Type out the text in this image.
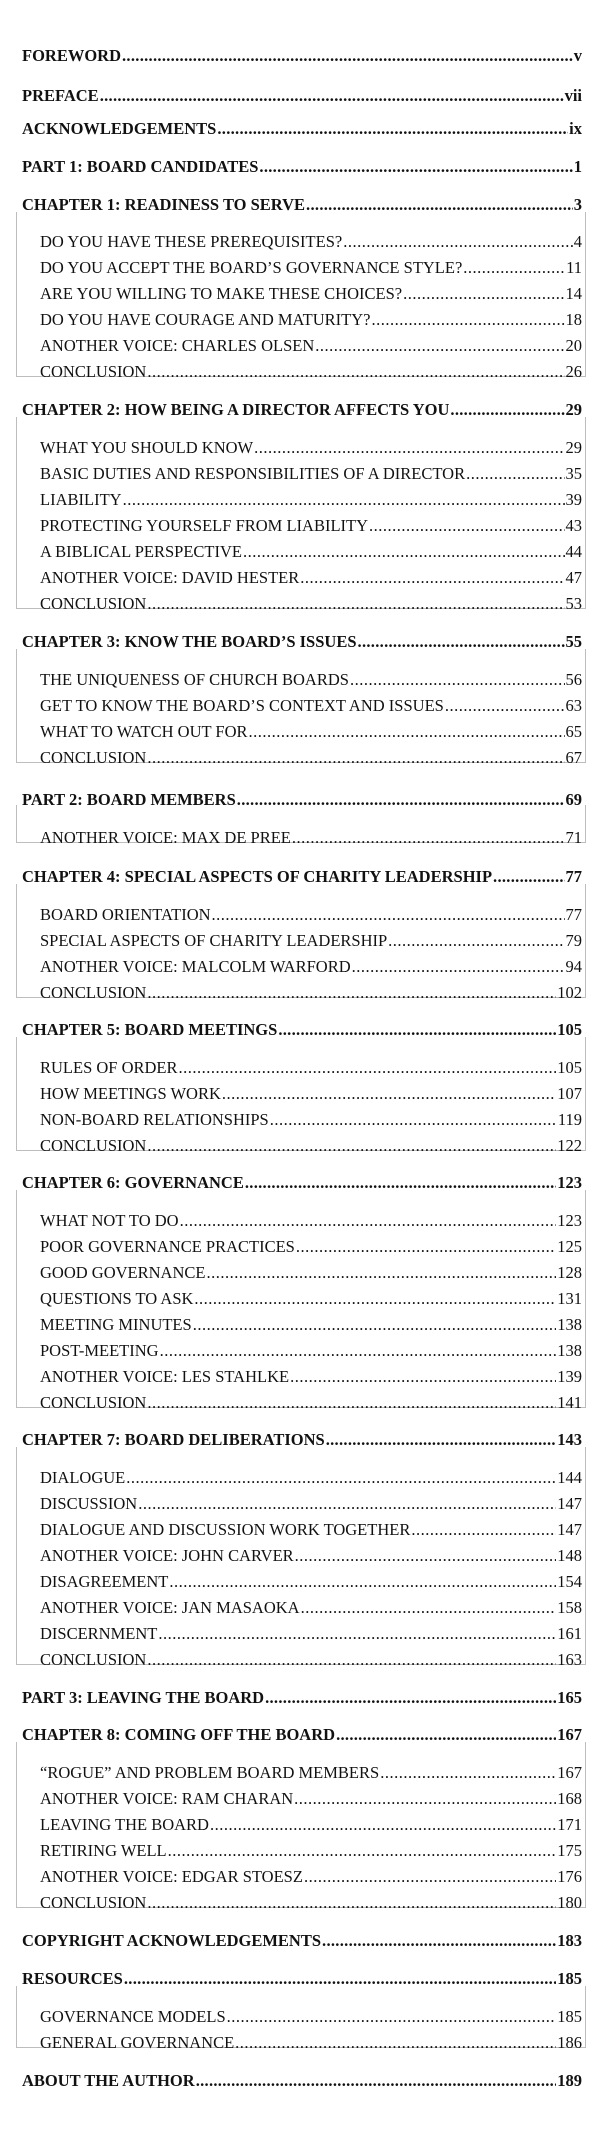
FOREWORD .....	v
PREFACE .....	vii
ACKNOWLEDGEMENTS .....	ix
PART 1: BOARD CANDIDATES .....	1
CHAPTER 1: READINESS TO SERVE .....	3
DO YOU HAVE THESE PREREQUISITES? .....	4
DO YOU ACCEPT THE BOARD’S GOVERNANCE STYLE? .....	11
ARE YOU WILLING TO MAKE THESE CHOICES? .....	14
DO YOU HAVE COURAGE AND MATURITY? .....	18
ANOTHER VOICE: CHARLES OLSEN .....	20
CONCLUSION .....	26
CHAPTER 2: HOW BEING A DIRECTOR AFFECTS YOU .....	29
WHAT YOU SHOULD KNOW .....	29
BASIC DUTIES AND RESPONSIBILITIES OF A DIRECTOR .....	35
LIABILITY .....	39
PROTECTING YOURSELF FROM LIABILITY .....	43
A BIBLICAL PERSPECTIVE .....	44
ANOTHER VOICE: DAVID HESTER .....	47
CONCLUSION .....	53
CHAPTER 3: KNOW THE BOARD’S ISSUES .....	55
THE UNIQUENESS OF CHURCH BOARDS .....	56
GET TO KNOW THE BOARD’S CONTEXT AND ISSUES .....	63
WHAT TO WATCH OUT FOR .....	65
CONCLUSION .....	67
PART 2: BOARD MEMBERS .....	69
ANOTHER VOICE: MAX DE PREE .....	71
CHAPTER 4: SPECIAL ASPECTS OF CHARITY LEADERSHIP .....	77
BOARD ORIENTATION .....	77
SPECIAL ASPECTS OF CHARITY LEADERSHIP .....	79
ANOTHER VOICE: MALCOLM WARFORD .....	94
CONCLUSION .....	102
CHAPTER 5: BOARD MEETINGS .....	105
RULES OF ORDER .....	105
HOW MEETINGS WORK .....	107
NON-BOARD RELATIONSHIPS .....	119
CONCLUSION .....	122
CHAPTER 6: GOVERNANCE .....	123
WHAT NOT TO DO .....	123
POOR GOVERNANCE PRACTICES .....	125
GOOD GOVERNANCE .....	128
QUESTIONS TO ASK .....	131
MEETING MINUTES .....	138
POST-MEETING .....	138
ANOTHER VOICE: LES STAHLKE .....	139
CONCLUSION .....	141
CHAPTER 7: BOARD DELIBERATIONS .....	143
DIALOGUE .....	144
DISCUSSION .....	147
DIALOGUE AND DISCUSSION WORK TOGETHER .....	147
ANOTHER VOICE: JOHN CARVER .....	148
DISAGREEMENT .....	154
ANOTHER VOICE: JAN MASAOKA .....	158
DISCERNMENT .....	161
CONCLUSION .....	163
PART 3: LEAVING THE BOARD .....	165
CHAPTER 8: COMING OFF THE BOARD .....	167
“ROGUE” AND PROBLEM BOARD MEMBERS .....	167
ANOTHER VOICE: RAM CHARAN .....	168
LEAVING THE BOARD .....	171
RETIRING WELL .....	175
ANOTHER VOICE: EDGAR STOESZ .....	176
CONCLUSION .....	180
COPYRIGHT ACKNOWLEDGEMENTS .....	183
RESOURCES .....	185
GOVERNANCE MODELS .....	185
GENERAL GOVERNANCE .....	186
ABOUT THE AUTHOR .....	189
